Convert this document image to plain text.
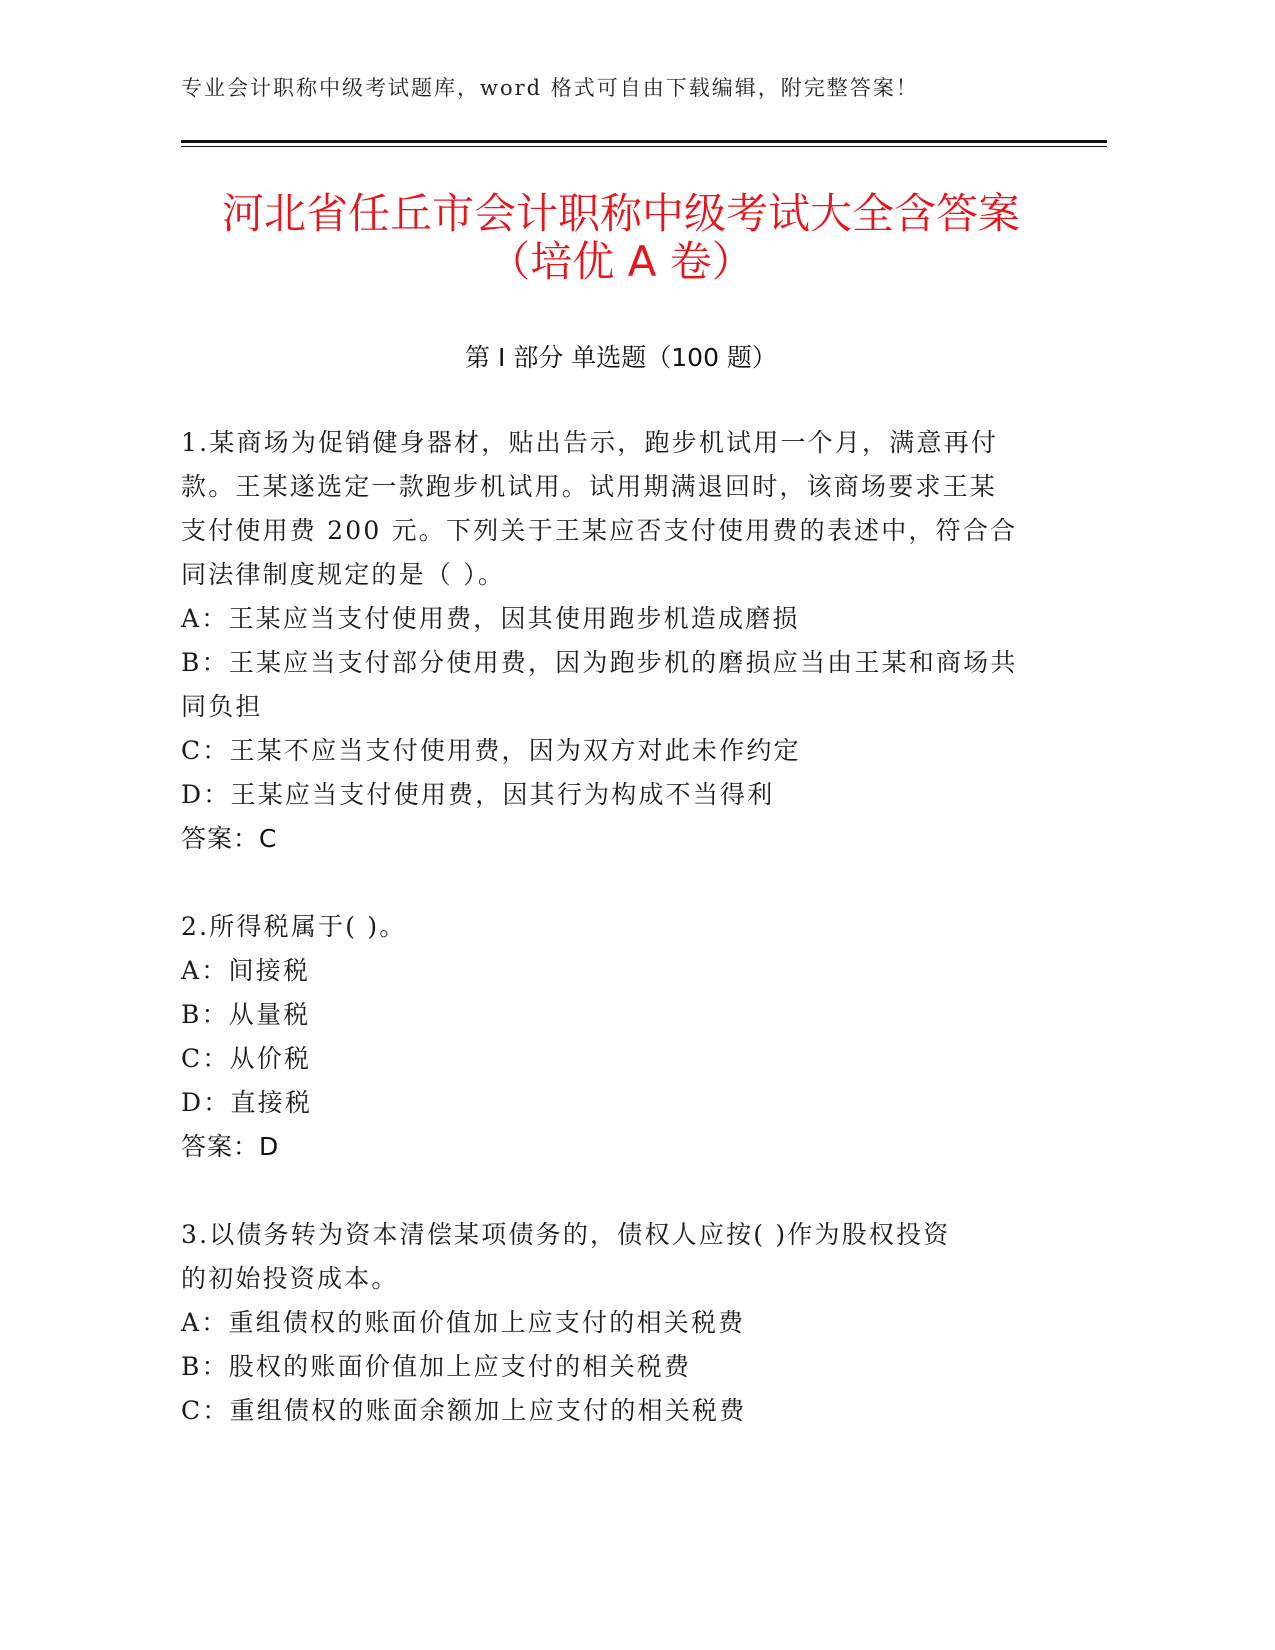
专业会计职称中级考试题库，word 格式可自由下载编辑，附完整答案！
河北省任丘市会计职称中级考试大全含答案
（培优 A 卷）
第 I 部分 单选题（100 题）
1.某商场为促销健身器材，贴出告示，跑步机试用一个月，满意再付
款。王某遂选定一款跑步机试用。试用期满退回时，该商场要求王某
支付使用费 200 元。下列关于王某应否支付使用费的表述中，符合合
同法律制度规定的是（ ）。
A：王某应当支付使用费，因其使用跑步机造成磨损
B：王某应当支付部分使用费，因为跑步机的磨损应当由王某和商场共
同负担
C：王某不应当支付使用费，因为双方对此未作约定
D：王某应当支付使用费，因其行为构成不当得利
答案：C
2.所得税属于( )。
A：间接税
B：从量税
C：从价税
D：直接税
答案：D
3.以债务转为资本清偿某项债务的，债权人应按( )作为股权投资
的初始投资成本。
A：重组债权的账面价值加上应支付的相关税费
B：股权的账面价值加上应支付的相关税费
C：重组债权的账面余额加上应支付的相关税费
